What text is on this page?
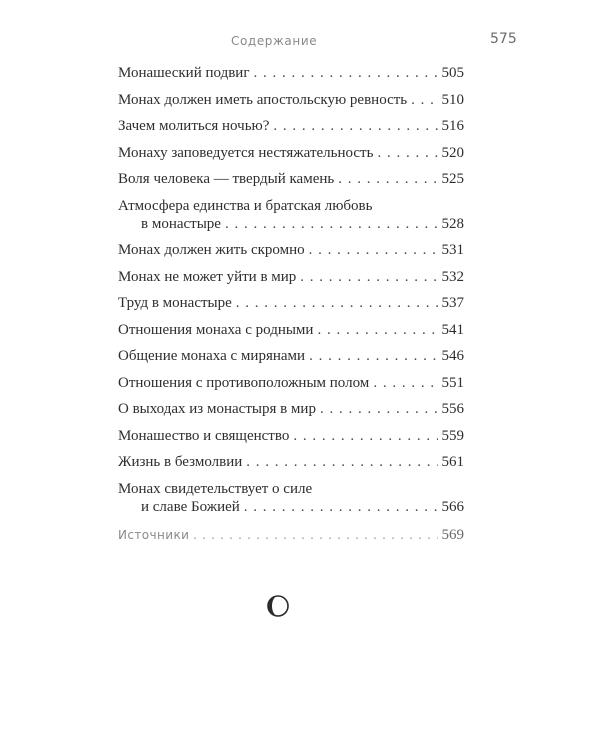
Содержание	575
Монашеский подвиг . . .	505
Монах должен иметь апостольскую ревность . . . 510
Зачем молиться ночью? . . .	516
Монаху заповедуется нестяжательность . . .	520
Воля человека — твердый камень . . .	525
Атмосфера единства и братская любовь
в монастыре . . .	528
Монах должен жить скромно . . .	531
Монах не может уйти в мир . . .	532
Труд в монастыре . . .	537
Отношения монаха с родными . . .	541
Общение монаха с мирянами . . .	546
Отношения с противоположным полом . . .	551
О выходах из монастыря в мир . . .	556
Монашество и священство . . .	559
Жизнь в безмолвии . . .	561
Монах свидетельствует о силе
и славе Божией . . .	566
Источники . . .	569
